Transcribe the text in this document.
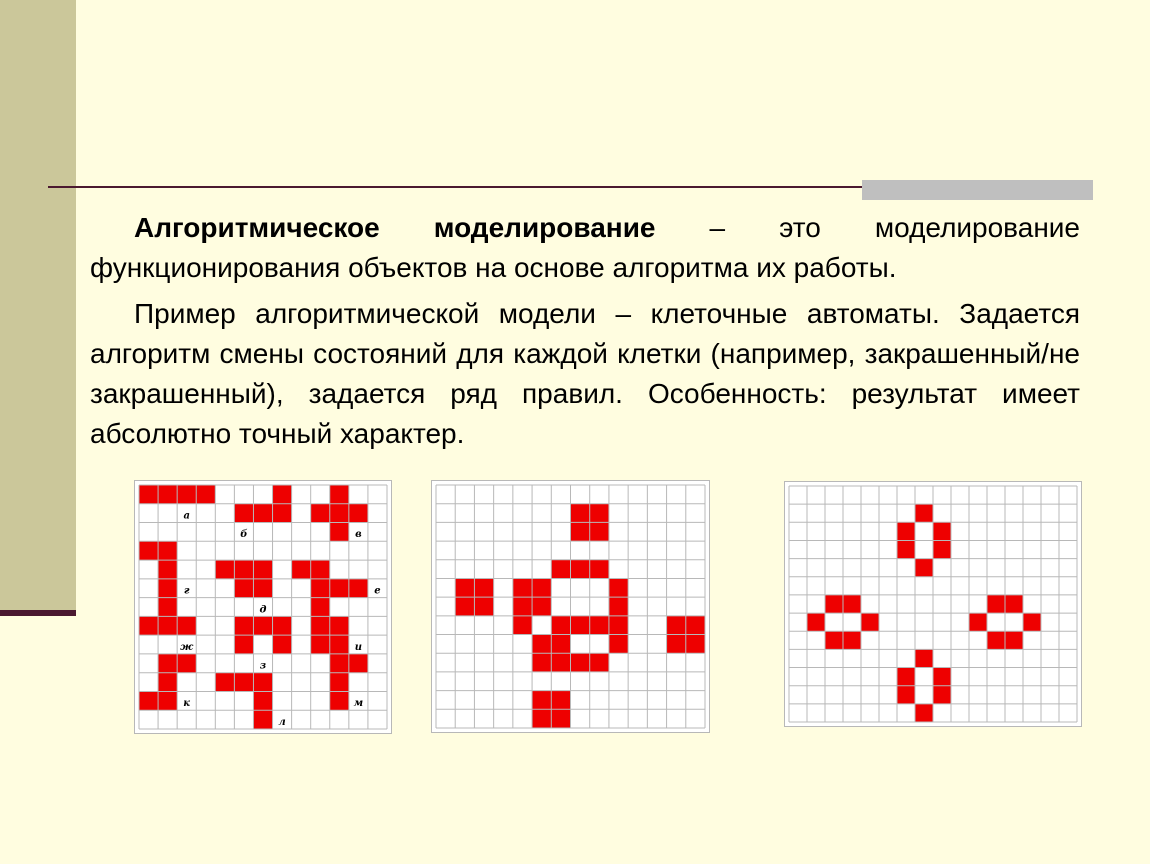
Алгоритмическое моделирование – это моделирование функционирования объектов на основе алгоритма их работы.

Пример алгоритмической модели – клеточные автоматы. Задается алгоритм смены состояний для каждой клетки (например, закрашенный/не закрашенный), задается ряд правил. Особенность: результат имеет абсолютно точный характер.

а
б	в
г
д
е
ж
з
и
к
л
м
